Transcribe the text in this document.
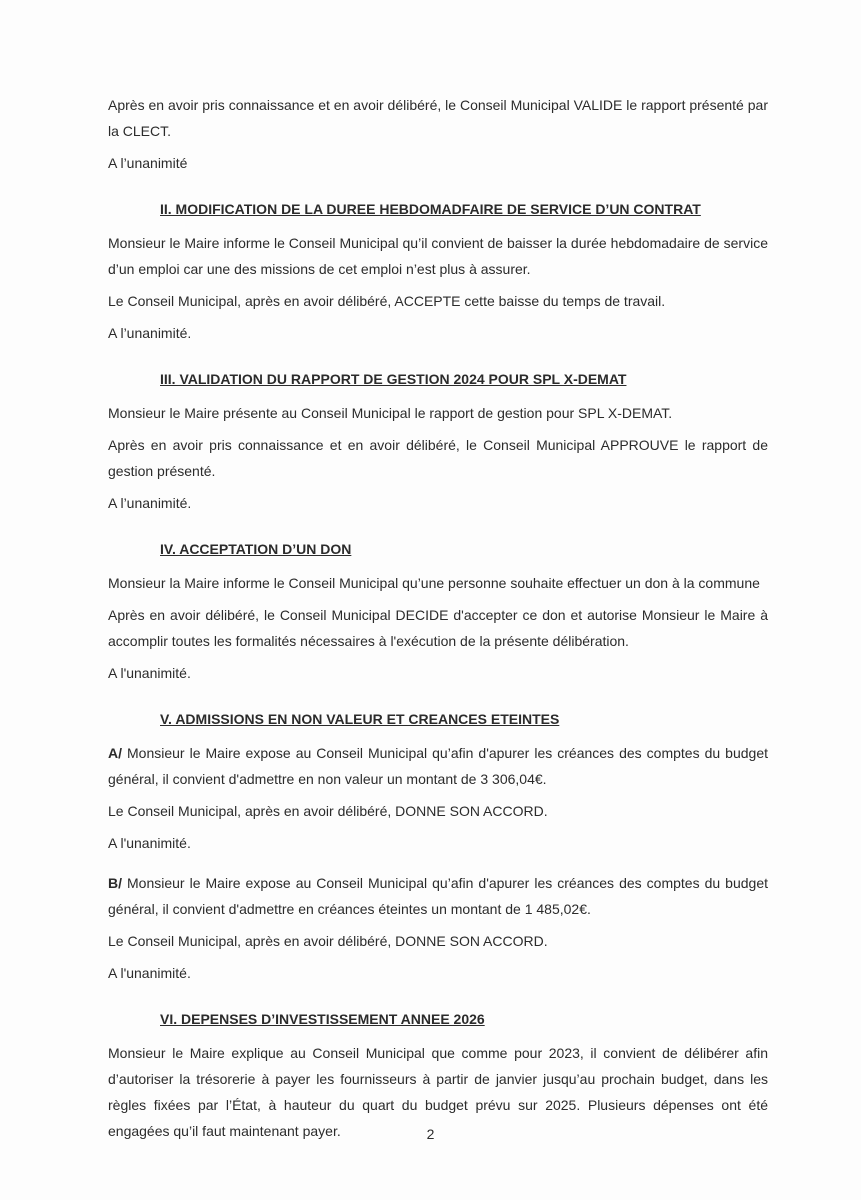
Après en avoir pris connaissance et en avoir délibéré, le Conseil Municipal VALIDE le rapport présenté par la CLECT.

A l’unanimité

II. MODIFICATION DE LA DUREE HEBDOMADFAIRE DE SERVICE D’UN CONTRAT

Monsieur le Maire informe le Conseil Municipal qu’il convient de baisser la durée hebdomadaire de service d’un emploi car une des missions de cet emploi n’est plus à assurer.

Le Conseil Municipal, après en avoir délibéré, ACCEPTE cette baisse du temps de travail.

A l’unanimité.

III. VALIDATION DU RAPPORT DE GESTION 2024 POUR SPL X-DEMAT

Monsieur le Maire présente au Conseil Municipal le rapport de gestion pour SPL X-DEMAT.

Après en avoir pris connaissance et en avoir délibéré, le Conseil Municipal APPROUVE le rapport de gestion présenté.

A l’unanimité.

IV. ACCEPTATION D’UN DON

Monsieur la Maire informe le Conseil Municipal qu’une personne souhaite effectuer un don à la commune

Après en avoir délibéré, le Conseil Municipal DECIDE d'accepter ce don et autorise Monsieur le Maire à accomplir toutes les formalités nécessaires à l'exécution de la présente délibération.

A l'unanimité.

V. ADMISSIONS EN NON VALEUR ET CREANCES ETEINTES

A/ Monsieur le Maire expose au Conseil Municipal qu’afin d'apurer les créances des comptes du budget général, il convient d'admettre en non valeur un montant de 3 306,04€.

Le Conseil Municipal, après en avoir délibéré, DONNE SON ACCORD.

A l'unanimité.

B/ Monsieur le Maire expose au Conseil Municipal qu’afin d'apurer les créances des comptes du budget général, il convient d'admettre en créances éteintes un montant de 1 485,02€.

Le Conseil Municipal, après en avoir délibéré, DONNE SON ACCORD.

A l'unanimité.

VI. DEPENSES D’INVESTISSEMENT ANNEE 2026

Monsieur le Maire explique au Conseil Municipal que comme pour 2023, il convient de délibérer afin d’autoriser la trésorerie à payer les fournisseurs à partir de janvier jusqu’au prochain budget, dans les règles fixées par l’État, à hauteur du quart du budget prévu sur 2025. Plusieurs dépenses ont été engagées qu’il faut maintenant payer.	2
